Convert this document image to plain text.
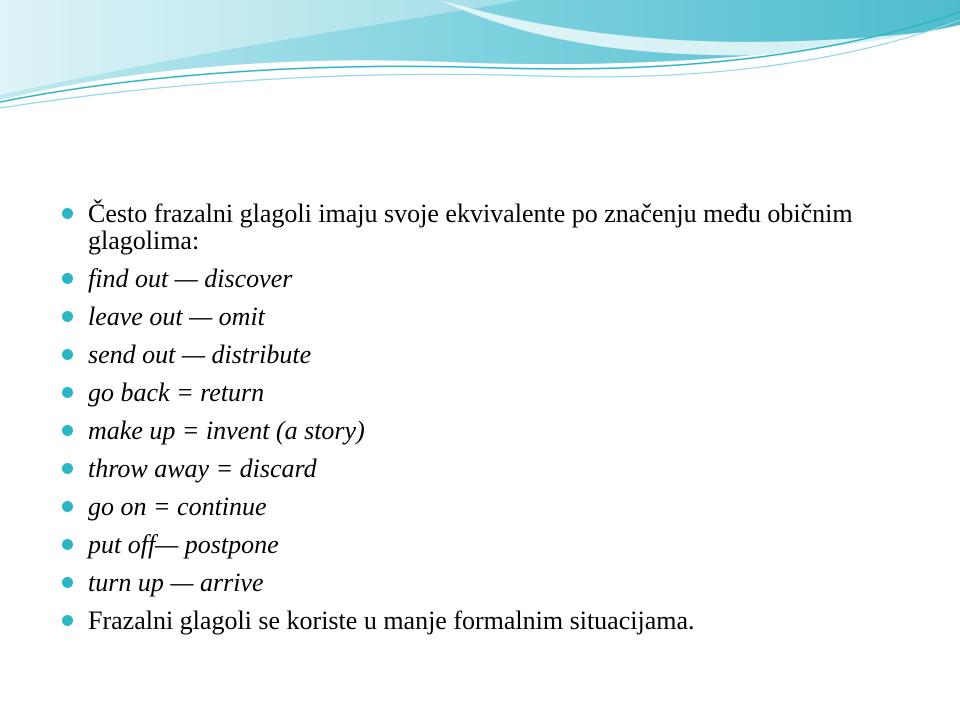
Često frazalni glagoli imaju svoje ekvivalente po značenju među običnim glagolima:
find out — discover
leave out — omit
send out — distribute
go back = return
make up = invent (a story)
throw away = discard
go on = continue
put off— postpone
turn up — arrive
Frazalni glagoli se koriste u manje formalnim situacijama.
